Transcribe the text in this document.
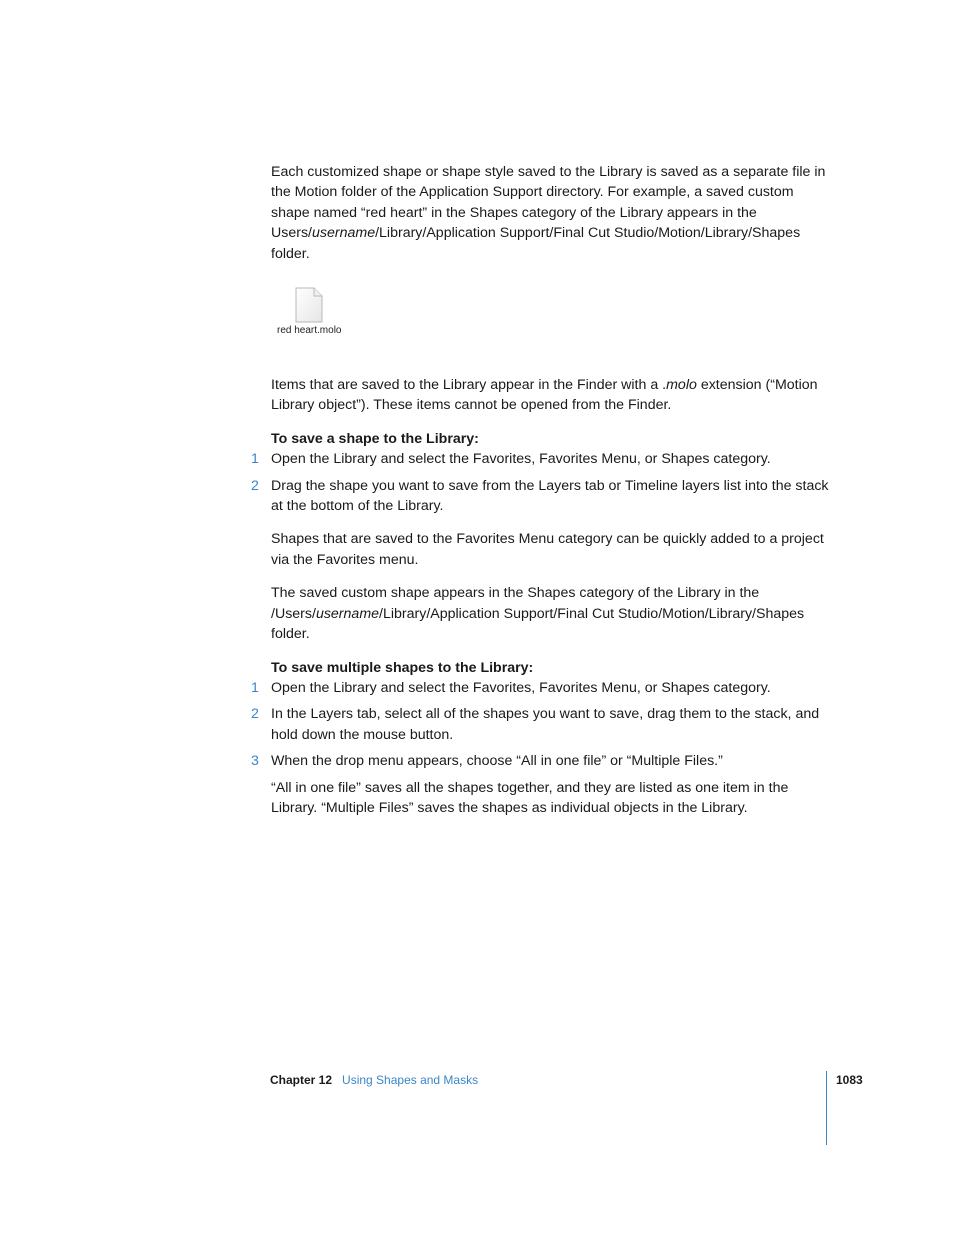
Each customized shape or shape style saved to the Library is saved as a separate file in the Motion folder of the Application Support directory. For example, a saved custom shape named “red heart” in the Shapes category of the Library appears in the Users/username/Library/Application Support/Final Cut Studio/Motion/Library/Shapes folder.

red heart.molo

Items that are saved to the Library appear in the Finder with a .molo extension (“Motion Library object”). These items cannot be opened from the Finder.

To save a shape to the Library:

1 Open the Library and select the Favorites, Favorites Menu, or Shapes category.

2 Drag the shape you want to save from the Layers tab or Timeline layers list into the stack at the bottom of the Library.

Shapes that are saved to the Favorites Menu category can be quickly added to a project via the Favorites menu.

The saved custom shape appears in the Shapes category of the Library in the /Users/username/Library/Application Support/Final Cut Studio/Motion/Library/Shapes folder.

To save multiple shapes to the Library:

1 Open the Library and select the Favorites, Favorites Menu, or Shapes category.

2 In the Layers tab, select all of the shapes you want to save, drag them to the stack, and hold down the mouse button.

3 When the drop menu appears, choose “All in one file” or “Multiple Files.”

“All in one file” saves all the shapes together, and they are listed as one item in the Library. “Multiple Files” saves the shapes as individual objects in the Library.

Chapter 12 Using Shapes and Masks	1083
